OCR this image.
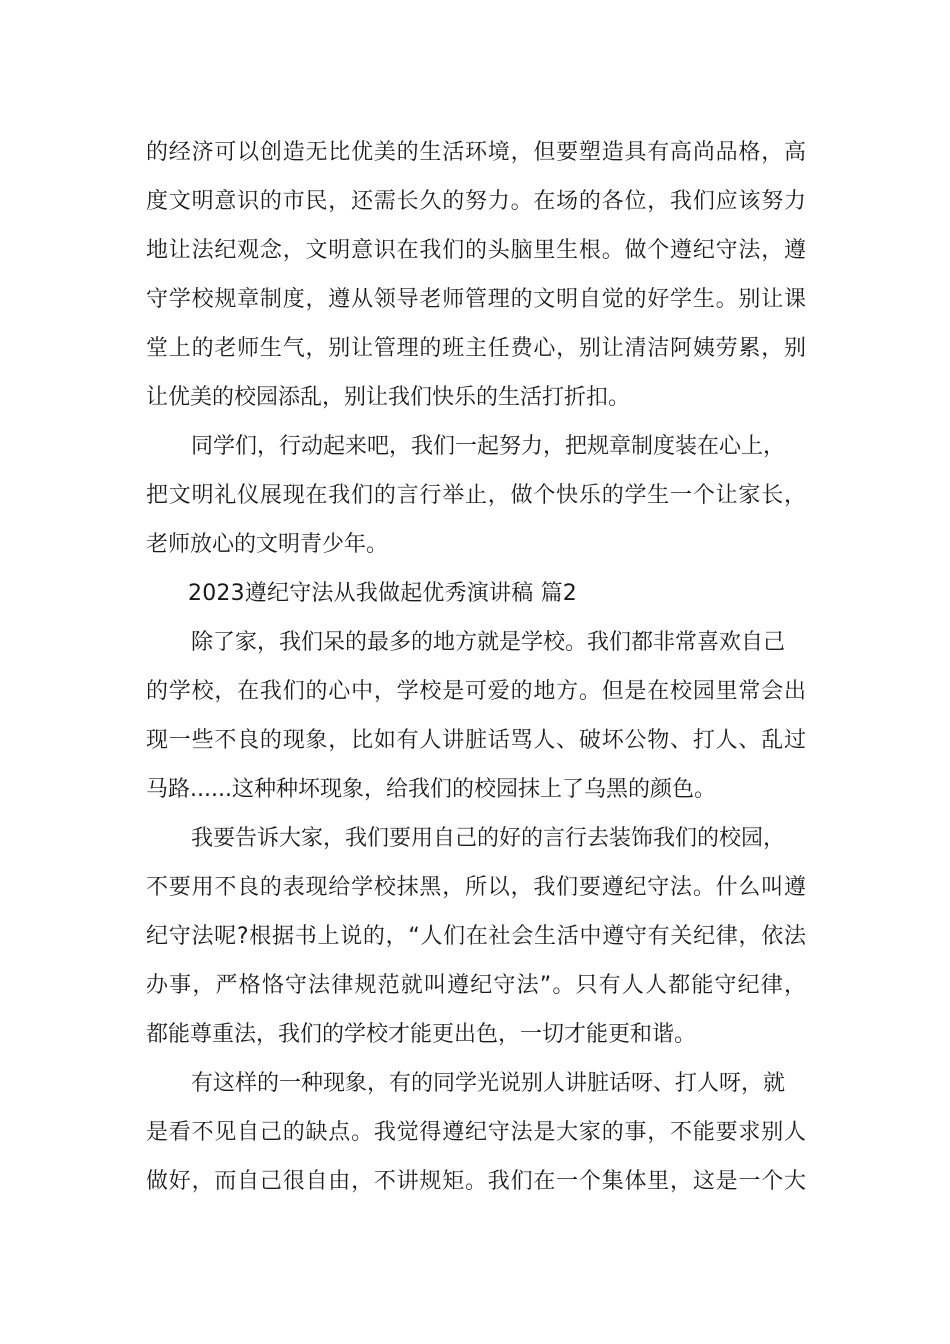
的经济可以创造无比优美的生活环境，但要塑造具有高尚品格，高
度文明意识的市民，还需长久的努力。在场的各位，我们应该努力
地让法纪观念，文明意识在我们的头脑里生根。做个遵纪守法，遵
守学校规章制度，遵从领导老师管理的文明自觉的好学生。别让课
堂上的老师生气，别让管理的班主任费心，别让清洁阿姨劳累，别
让优美的校园添乱，别让我们快乐的生活打折扣。
同学们，行动起来吧，我们一起努力，把规章制度装在心上，
把文明礼仪展现在我们的言行举止，做个快乐的学生一个让家长，
老师放心的文明青少年。
2023遵纪守法从我做起优秀演讲稿 篇2
除了家，我们呆的最多的地方就是学校。我们都非常喜欢自己
的学校，在我们的心中，学校是可爱的地方。但是在校园里常会出
现一些不良的现象，比如有人讲脏话骂人、破坏公物、打人、乱过
马路......这种种坏现象，给我们的校园抹上了乌黑的颜色。
我要告诉大家，我们要用自己的好的言行去装饰我们的校园，
不要用不良的表现给学校抹黑，所以，我们要遵纪守法。什么叫遵
纪守法呢?根据书上说的，“人们在社会生活中遵守有关纪律，依法
办事，严格恪守法律规范就叫遵纪守法”。只有人人都能守纪律，
都能尊重法，我们的学校才能更出色，一切才能更和谐。
有这样的一种现象，有的同学光说别人讲脏话呀、打人呀，就
是看不见自己的缺点。我觉得遵纪守法是大家的事，不能要求别人
做好，而自己很自由，不讲规矩。我们在一个集体里，这是一个大
